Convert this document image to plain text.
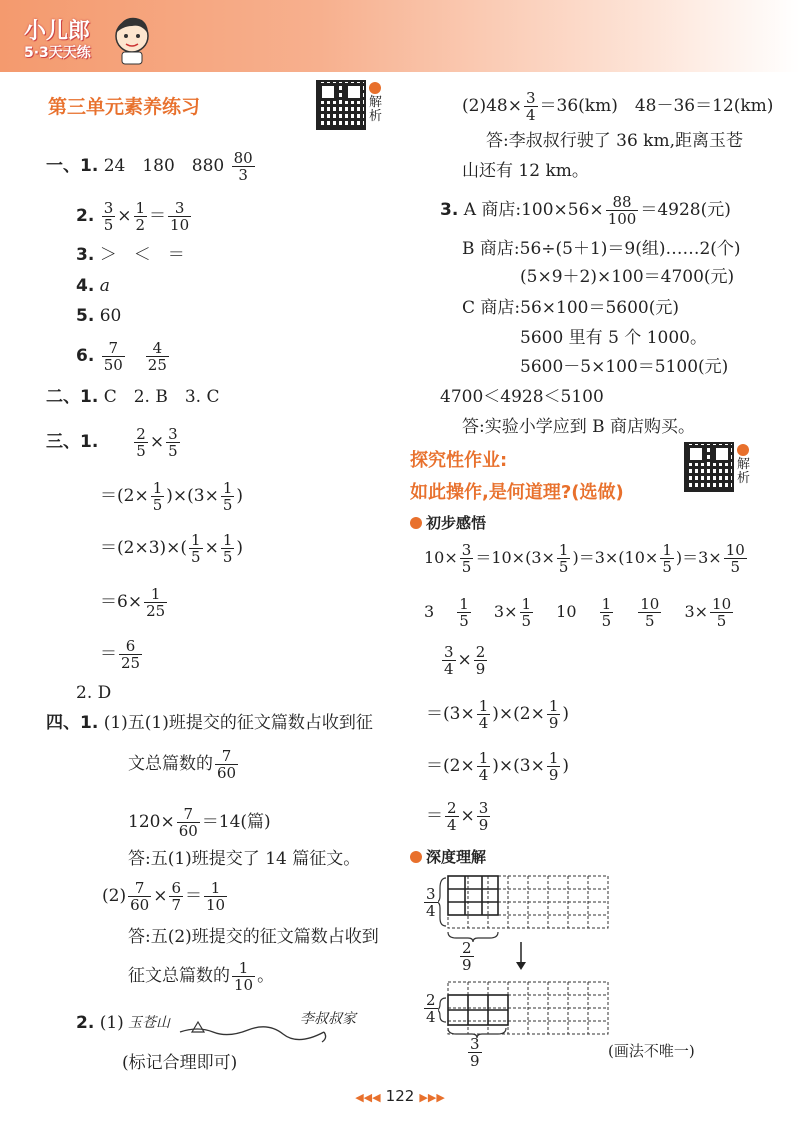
小儿郎
5·3天天练
第三单元素养练习	解析
一、1. 24　180　$880 \frac{80}{3}$
2. $\frac{3}{5} \times \frac{1}{2} = \frac{3}{10}$
3. ＞　＜　＝
4. a
5. 60
6. $\frac{7}{50}$
　 $\frac{4}{25}$
二、1. C　2. B　3. C
三、1.　　 $\frac{2}{5} \times \frac{3}{5}$
$=(2\times \frac{1}{5} )\times(3\times \frac{1}{5}$ )
$=(2\times 3)\times( \frac{1}{5} \times \frac{1}{5}$ )
$=6\times \frac{1}{25}$
＝ $\frac{6}{25}$
2. D
四、1. (1)五(1)班提交的征文篇数占收到征
文总篇数的 $\frac{7}{60}$
$120\times \frac{7}{60} =14$(篇)
答:五(1)班提交了 14 篇征文。
$(2) \frac{7}{60} \times \frac{6}{7} = \frac{1}{10}$
答:五(2)班提交的征文篇数占收到
征文总篇数的 $\frac{1}{10}$ 。
2. (1) 玉苍山	李叔叔家
(标记合理即可)
$(2)48\times \frac{3}{4} =36(km)$　48－36＝12(km)
答:李叔叔行驶了 36 km,距离玉苍
山还有 12 km。
3. A 商店:100×56× $\frac{88}{100} =4928$(元)
B 商店:56÷(5＋1)＝9(组)……2(个)
(5×9＋2)×100＝4700(元)
C 商店:56×100＝5600(元)
5600 里有 5 个 1000。
5600－5×100＝5100(元)
4700＜4928＜5100
答:实验小学应到 B 商店购买。
探究性作业:
如此操作,是何道理?(选做)
解析
初步感悟
$10\times \frac{3}{5} =10\times(3\times \frac{1}{5} )=3\times(10\times \frac{1}{5} )=3\times \frac{10}{5}$
3　 $\frac{1}{5}$
　 $3\times \frac{1}{5}$
　 10　 $\frac{1}{5}$
　 $\frac{10}{5}$
　 $3\times \frac{10}{5}$
$\frac{3}{4} \times \frac{2}{9}$
$=(3\times \frac{1}{4} )\times(2\times \frac{1}{9}$ )
$=(2\times \frac{1}{4} )\times(3\times \frac{1}{9}$ )
＝ $\frac{2}{4} \times \frac{3}{9}$
深度理解
$\frac{3}{4}$
$\frac{2}{9}$
$\frac{2}{4}$
$\frac{3}{9}$	(画法不唯一)
◀◀◀ 122 ▶▶▶
